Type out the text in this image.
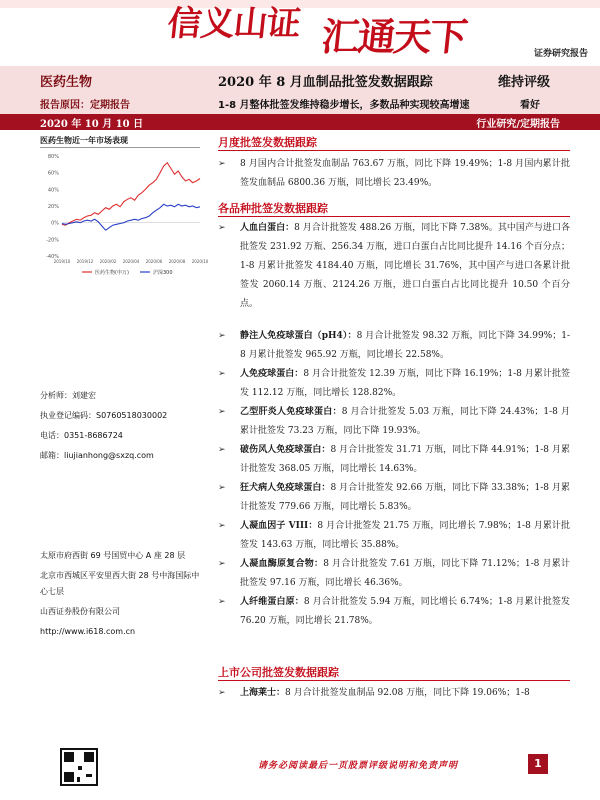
信义山证 汇通天下	证券研究报告
医药生物
报告原因：定期报告
2020 年 8 月血制品批签发数据跟踪	维持评级
1-8 月整体批签发维持稳步增长，多数品种实现较高增速	看好
2020 年 10 月 10 日	行业研究/定期报告
医药生物近一年市场表现
80%
60%
40%
20%
0%
-20%
-40%
2019/10 2019/12 2020/02 2020/04 2020/06 2020/08 2020/10
医药生物(申万)	沪深300
分析师：刘建宏
执业登记编码：S0760518030002
电话：0351-8686724
邮箱：liujianhong@sxzq.com
太原市府西街 69 号国贸中心 A 座 28 层
北京市西城区平安里西大街 28 号中海国际中心七层
山西证券股份有限公司
http://www.i618.com.cn
月度批签发数据跟踪
➢ 8 月国内合计批签发血制品 763.67 万瓶，同比下降 19.49%；1-8 月国内累计批签发血制品 6800.36 万瓶，同比增长 23.49%。
各品种批签发数据跟踪
➢ 人血白蛋白：8 月合计批签发 488.26 万瓶，同比下降 7.38%。其中国产与进口各批签发 231.92 万瓶、256.34 万瓶，进口白蛋白占比同比提升 14.16 个百分点；1-8 月累计批签发 4184.40 万瓶，同比增长 31.76%，其中国产与进口各累计批签发 2060.14 万瓶、2124.26 万瓶，进口白蛋白占比同比提升 10.50 个百分点。
➢ 静注人免疫球蛋白（pH4）：8 月合计批签发 98.32 万瓶，同比下降 34.99%；1-8 月累计批签发 965.92 万瓶，同比增长 22.58%。
➢ 人免疫球蛋白：8 月合计批签发 12.39 万瓶，同比下降 16.19%；1-8 月累计批签发 112.12 万瓶，同比增长 128.82%。
➢ 乙型肝炎人免疫球蛋白：8 月合计批签发 5.03 万瓶，同比下降 24.43%；1-8 月累计批签发 73.23 万瓶，同比下降 19.93%。
➢ 破伤风人免疫球蛋白：8 月合计批签发 31.71 万瓶，同比下降 44.91%；1-8 月累计批签发 368.05 万瓶，同比增长 14.63%。
➢ 狂犬病人免疫球蛋白：8 月合计批签发 92.66 万瓶，同比下降 33.38%；1-8 月累计批签发 779.66 万瓶，同比增长 5.83%。
➢ 人凝血因子 VIII：8 月合计批签发 21.75 万瓶，同比增长 7.98%；1-8 月累计批签发 143.63 万瓶，同比增长 35.88%。
➢ 人凝血酶原复合物：8 月合计批签发 7.61 万瓶，同比下降 71.12%；1-8 月累计批签发 97.16 万瓶，同比增长 46.36%。
➢ 人纤维蛋白原：8 月合计批签发 5.94 万瓶，同比增长 6.74%；1-8 月累计批签发 76.20 万瓶，同比增长 21.78%。
上市公司批签发数据跟踪
➢ 上海莱士：8 月合计批签发血制品 92.08 万瓶，同比下降 19.06%；1-8
请务必阅读最后一页股票评级说明和免责声明	1
